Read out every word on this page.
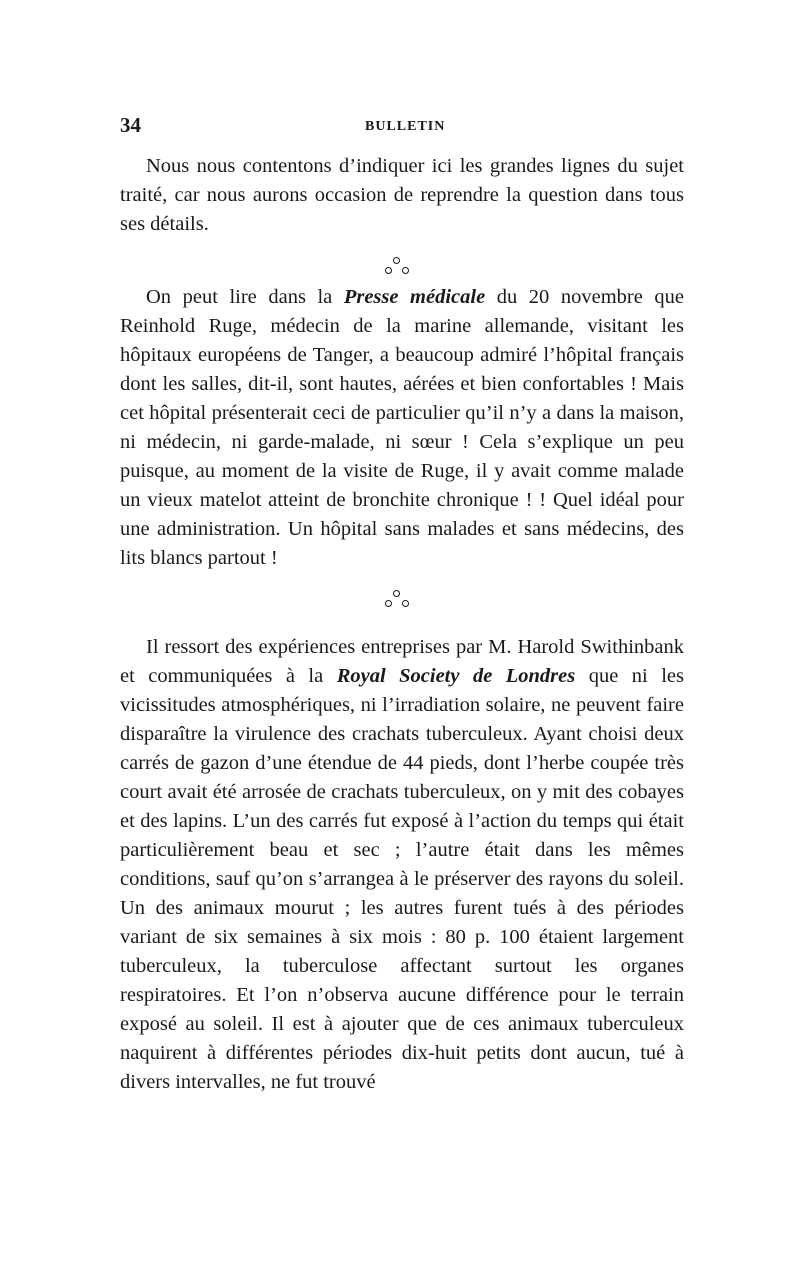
34	BULLETIN

Nous nous contentons d’indiquer ici les grandes lignes du sujet traité, car nous aurons occasion de reprendre la question dans tous ses détails.

On peut lire dans la Presse médicale du 20 novembre que Reinhold Ruge, médecin de la marine allemande, visitant les hôpitaux européens de Tanger, a beaucoup admiré l’hôpital français dont les salles, dit-il, sont hautes, aérées et bien confortables ! Mais cet hôpital présenterait ceci de particulier qu’il n’y a dans la maison, ni médecin, ni garde-malade, ni sœur ! Cela s’explique un peu puisque, au moment de la visite de Ruge, il y avait comme malade un vieux matelot atteint de bronchite chronique ! ! Quel idéal pour une administration. Un hôpital sans malades et sans médecins, des lits blancs partout !

Il ressort des expériences entreprises par M. Harold Swithinbank et communiquées à la Royal Society de Londres que ni les vicissitudes atmosphériques, ni l’irradiation solaire, ne peuvent faire disparaître la virulence des crachats tuberculeux. Ayant choisi deux carrés de gazon d’une étendue de 44 pieds, dont l’herbe coupée très court avait été arrosée de crachats tuberculeux, on y mit des cobayes et des lapins. L’un des carrés fut exposé à l’action du temps qui était particulièrement beau et sec ; l’autre était dans les mêmes conditions, sauf qu’on s’arrangea à le préserver des rayons du soleil. Un des animaux mourut ; les autres furent tués à des périodes variant de six semaines à six mois : 80 p. 100 étaient largement tuberculeux, la tuberculose affectant surtout les organes respiratoires. Et l’on n’observa aucune différence pour le terrain exposé au soleil. Il est à ajouter que de ces animaux tuberculeux naquirent à différentes périodes dix-huit petits dont aucun, tué à divers intervalles, ne fut trouvé
